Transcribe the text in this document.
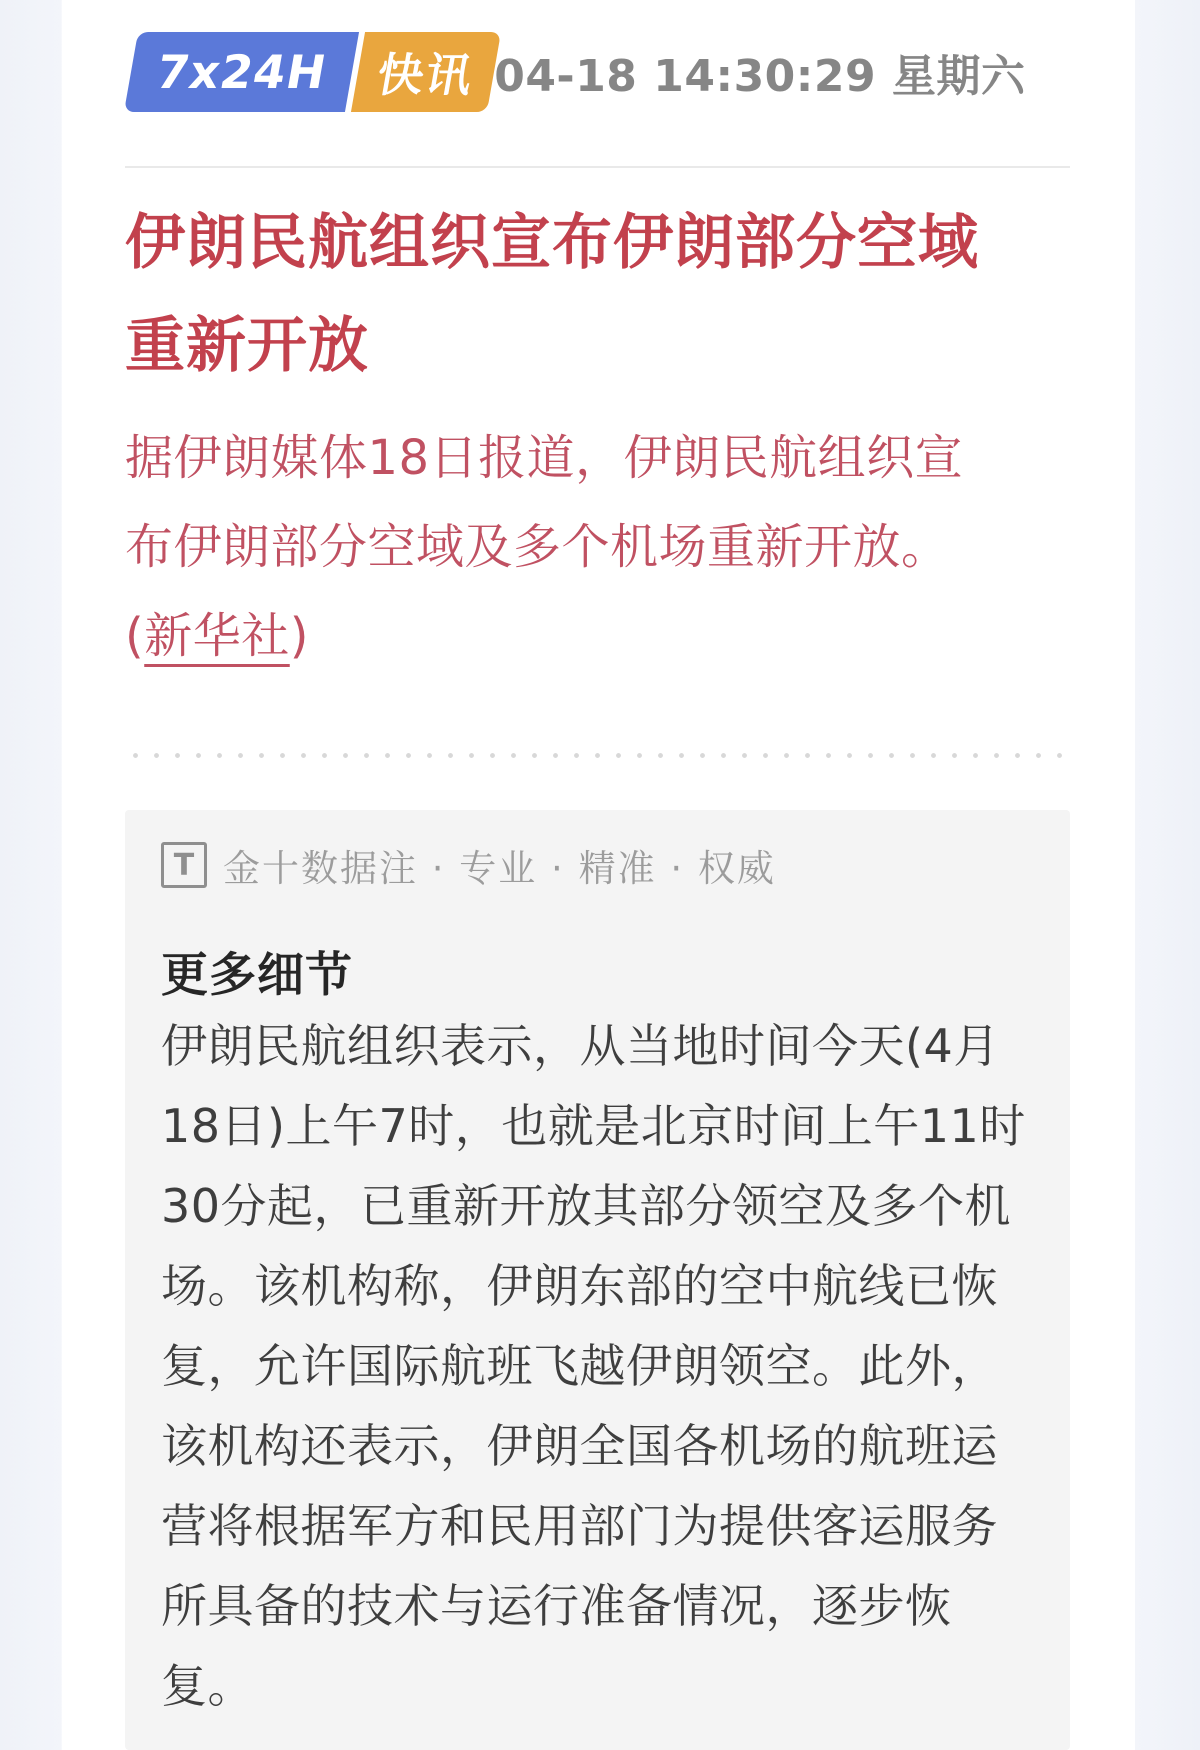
7x24H 快讯 04-18 14:30:29 星期六
伊朗民航组织宣布伊朗部分空域重新开放

据伊朗媒体18日报道，伊朗民航组织宣布伊朗部分空域及多个机场重新开放。(新华社)

T 金十数据注 · 专业 · 精准 · 权威
更多细节

伊朗民航组织表示，从当地时间今天(4月18日)上午7时，也就是北京时间上午11时30分起，已重新开放其部分领空及多个机场。该机构称，伊朗东部的空中航线已恢复，允许国际航班飞越伊朗领空。此外，该机构还表示，伊朗全国各机场的航班运营将根据军方和民用部门为提供客运服务所具备的技术与运行准备情况，逐步恢复。
